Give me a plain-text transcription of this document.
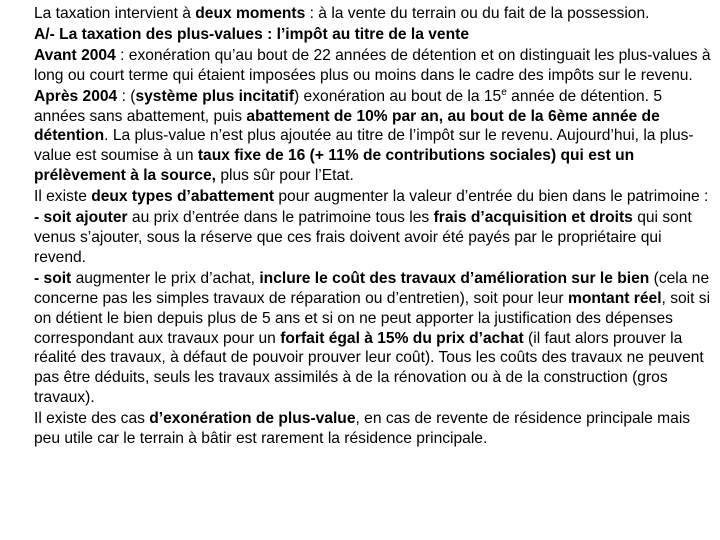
La taxation intervient à deux moments : à la vente du terrain ou du fait de la possession.

A/- La taxation des plus-values : l’impôt au titre de la vente

Avant 2004 : exonération qu’au bout de 22 années de détention et on distinguait les plus-values à long ou court terme qui étaient imposées plus ou moins dans le cadre des impôts sur le revenu.

Après 2004 : (système plus incitatif) exonération au bout de la 15e année de détention. 5 années sans abattement, puis abattement de 10% par an, au bout de la 6ème année de détention. La plus-value n’est plus ajoutée au titre de l’impôt sur le revenu. Aujourd’hui, la plus-value est soumise à un taux fixe de 16 (+ 11% de contributions sociales) qui est un prélèvement à la source, plus sûr pour l’Etat.

Il existe deux types d’abattement pour augmenter la valeur d’entrée du bien dans le patrimoine :

- soit ajouter au prix d’entrée dans le patrimoine tous les frais d’acquisition et droits qui sont venus s’ajouter, sous la réserve que ces frais doivent avoir été payés par le propriétaire qui revend.

- soit augmenter le prix d’achat, inclure le coût des travaux d’amélioration sur le bien (cela ne concerne pas les simples travaux de réparation ou d’entretien), soit pour leur montant réel, soit si on détient le bien depuis plus de 5 ans et si on ne peut apporter la justification des dépenses correspondant aux travaux pour un forfait égal à 15% du prix d’achat (il faut alors prouver la réalité des travaux, à défaut de pouvoir prouver leur coût). Tous les coûts des travaux ne peuvent pas être déduits, seuls les travaux assimilés à de la rénovation ou à de la construction (gros travaux).

Il existe des cas d’exonération de plus-value, en cas de revente de résidence principale mais peu utile car le terrain à bâtir est rarement la résidence principale.
